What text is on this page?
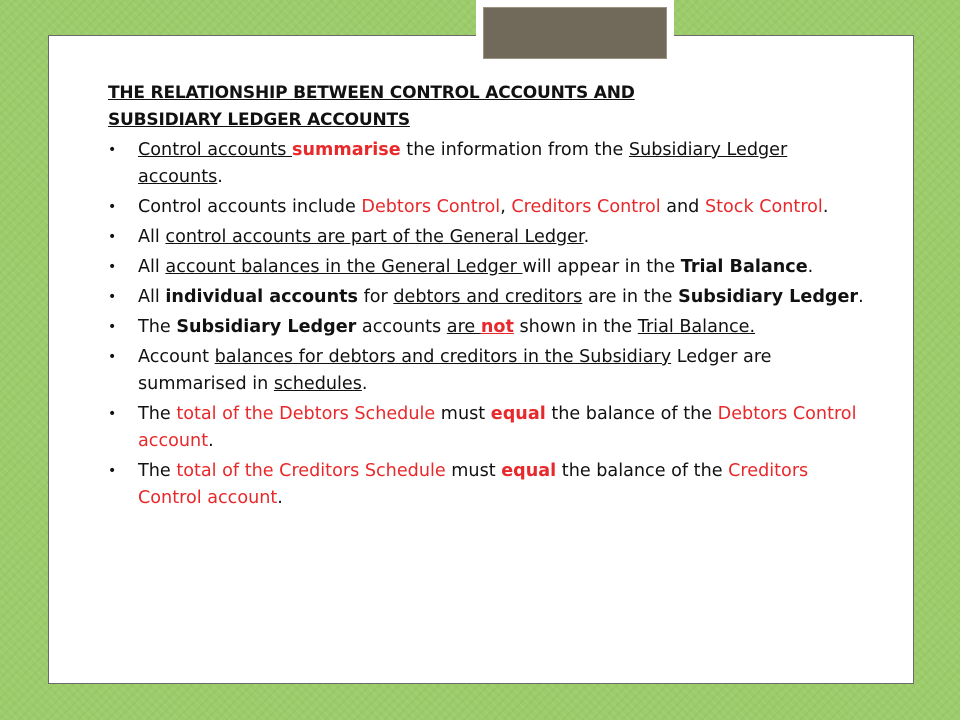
THE RELATIONSHIP BETWEEN CONTROL ACCOUNTS AND
SUBSIDIARY LEDGER ACCOUNTS
• Control accounts summarise the information from the Subsidiary Ledger accounts.
• Control accounts include Debtors Control, Creditors Control and Stock Control.
• All control accounts are part of the General Ledger.
• All account balances in the General Ledger will appear in the Trial Balance.
• All individual accounts for debtors and creditors are in the Subsidiary Ledger.
• The Subsidiary Ledger accounts are not shown in the Trial Balance.
• Account balances for debtors and creditors in the Subsidiary Ledger are summarised in schedules.
• The total of the Debtors Schedule must equal the balance of the Debtors Control account.
• The total of the Creditors Schedule must equal the balance of the Creditors Control account.
